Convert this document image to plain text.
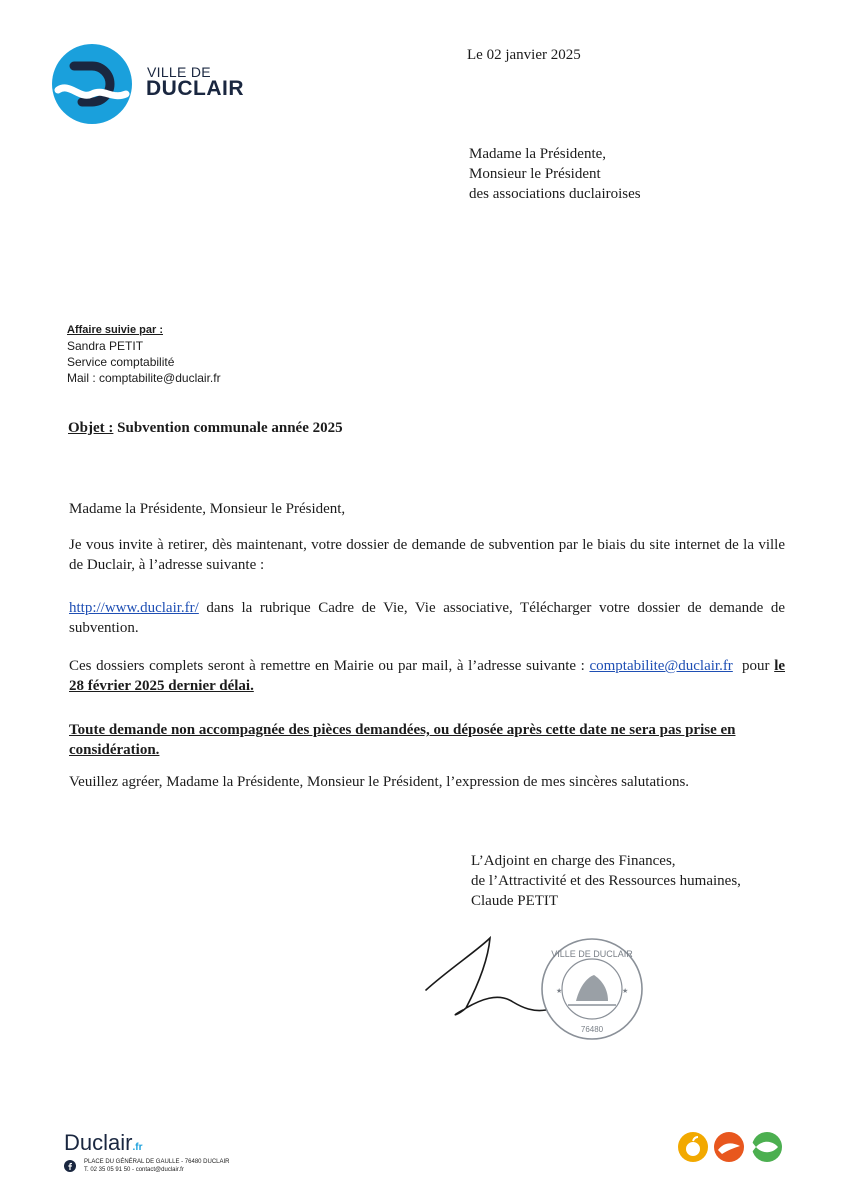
VILLE DE
DUCLAIR
Le 02 janvier 2025
Madame la Présidente,
Monsieur le Président
des associations duclairoises
Affaire suivie par :
Sandra PETIT
Service comptabilité
Mail : comptabilite@duclair.fr
Objet : Subvention communale année 2025
Madame la Présidente, Monsieur le Président,
Je vous invite à retirer, dès maintenant, votre dossier de demande de subvention par le biais du site internet de la ville de Duclair, à l’adresse suivante :
http://www.duclair.fr/ dans la rubrique Cadre de Vie, Vie associative, Télécharger votre dossier de demande de subvention.
Ces dossiers complets seront à remettre en Mairie ou par mail, à l’adresse suivante : comptabilite@duclair.fr  pour le 28 février 2025 dernier délai.
Toute demande non accompagnée des pièces demandées, ou déposée après cette date ne sera pas prise en considération.
Veuillez agréer, Madame la Présidente, Monsieur le Président, l’expression de mes sincères salutations.
L’Adjoint en charge des Finances,
de l’Attractivité et des Ressources humaines,
Claude PETIT
VILLE DE DUCLAIR
76480
★	★
Duclair.fr
PLACE DU GÉNÉRAL DE GAULLE - 76480 DUCLAIR
T. 02 35 05 91 50 - contact@duclair.fr
